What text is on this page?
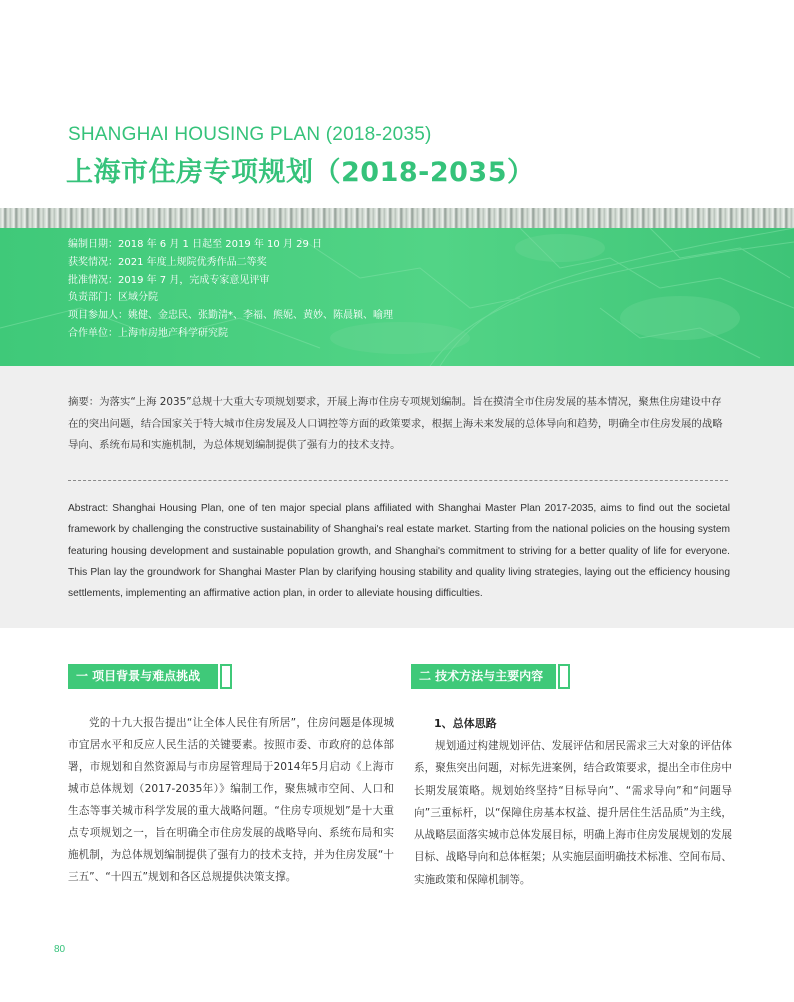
SHANGHAI HOUSING PLAN (2018-2035)
上海市住房专项规划（2018-2035）
编制日期：2018 年 6 月 1 日起至 2019 年 10 月 29 日
获奖情况：2021 年度上规院优秀作品二等奖
批准情况：2019 年 7 月，完成专家意见评审
负责部门：区域分院
项目参加人：姚健、金忠民、张勤清*、李福、熊妮、黄妙、陈晨颖、喻理
合作单位：上海市房地产科学研究院
摘要：为落实“上海 2035”总规十大重大专项规划要求，开展上海市住房专项规划编制。旨在摸清全市住房发展的基本情况，聚焦住房建设中存在的突出问题，结合国家关于特大城市住房发展及人口调控等方面的政策要求，根据上海未来发展的总体导向和趋势，明确全市住房发展的战略导向、系统布局和实施机制，为总体规划编制提供了强有力的技术支持。
Abstract: Shanghai Housing Plan, one of ten major special plans affiliated with Shanghai Master Plan 2017-2035, aims to find out the societal framework by challenging the constructive sustainability of Shanghai's real estate market. Starting from the national policies on the housing system featuring housing development and sustainable population growth, and Shanghai's commitment to striving for a better quality of life for everyone. This Plan lay the groundwork for Shanghai Master Plan by clarifying housing stability and quality living strategies, laying out the efficiency housing settlements, implementing an affirmative action plan, in order to alleviate housing difficulties.
一 项目背景与难点挑战	二 技术方法与主要内容
党的十九大报告提出“让全体人民住有所居”，住房问题是体现城市宜居水平和反应人民生活的关键要素。按照市委、市政府的总体部署，市规划和自然资源局与市房屋管理局于2014年5月启动《上海市城市总体规划（2017-2035年）》编制工作，聚焦城市空间、人口和生态等事关城市科学发展的重大战略问题。“住房专项规划”是十大重点专项规划之一，旨在明确全市住房发展的战略导向、系统布局和实施机制，为总体规划编制提供了强有力的技术支持，并为住房发展“十三五”、“十四五”规划和各区总规提供决策支撑。
1、总体思路
规划通过构建规划评估、发展评估和居民需求三大对象的评估体系，聚焦突出问题，对标先进案例，结合政策要求，提出全市住房中长期发展策略。规划始终坚持“目标导向”、“需求导向”和“问题导向”三重标杆，以“保障住房基本权益、提升居住生活品质”为主线，从战略层面落实城市总体发展目标，明确上海市住房发展规划的发展目标、战略导向和总体框架；从实施层面明确技术标准、空间布局、实施政策和保障机制等。
80
